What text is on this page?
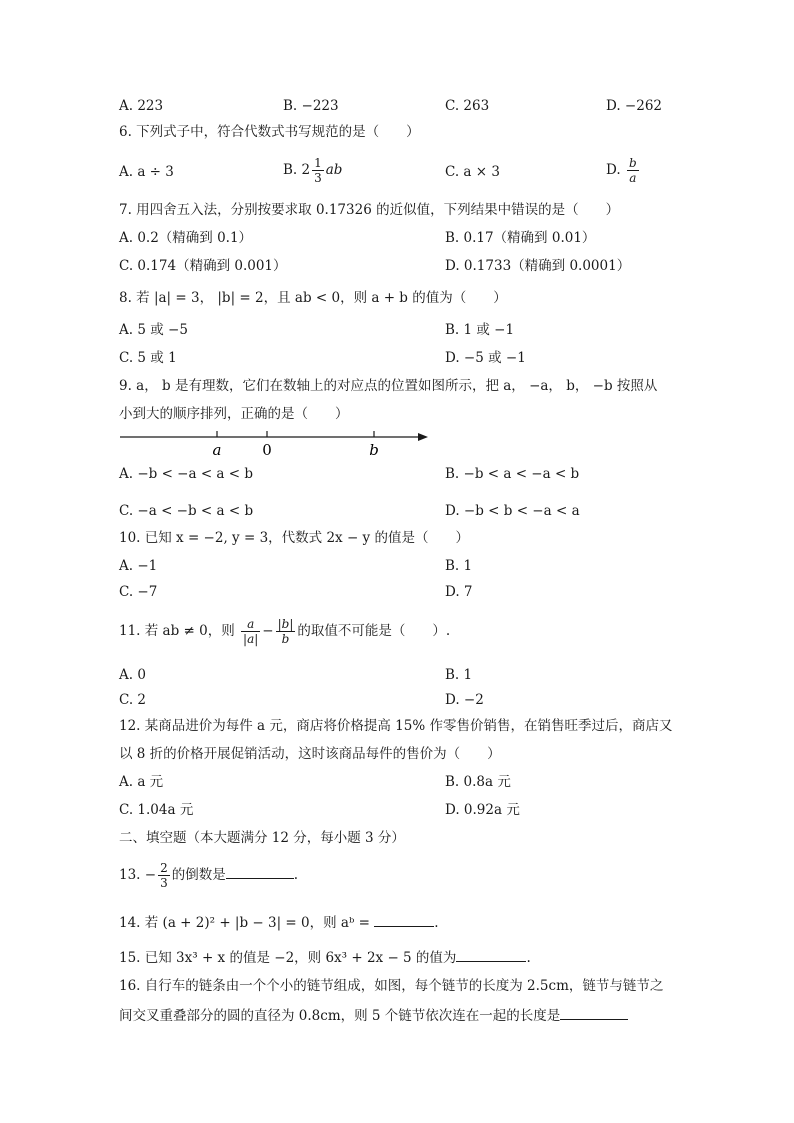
A. 223	B. −223	C. 263	D. −262
6. 下列式子中，符合代数式书写规范的是（　　）
A. a ÷ 3	B. $2 \frac{1}{3}$ ab	C. a × 3	D. $\frac{b}{a}$
7. 用四舍五入法，分别按要求取 0.17326 的近似值，下列结果中错误的是（　　）
A. 0.2（精确到 0.1）	B. 0.17（精确到 0.01）
C. 0.174（精确到 0.001）	D. 0.1733（精确到 0.0001）
8. 若 |a| = 3， |b| = 2，且 ab < 0，则 a + b 的值为（　　）
A. 5 或 −5	B. 1 或 −1
C. 5 或 1	D. −5 或 −1
9. a， b 是有理数，它们在数轴上的对应点的位置如图所示，把 a， −a， b， −b 按照从
小到大的顺序排列，正确的是（　　）
a	0	b
A. −b < −a < a < b	B. −b < a < −a < b
C. −a < −b < a < b	D. −b < b < −a < a
10. 已知 x = −2, y = 3，代数式 2x − y 的值是（　　）
A. −1	B. 1
C. −7	D. 7
11. 若 ab ≠ 0，则 $\frac{a}{|a|} - \frac{|b|}{b}$ 的取值不可能是（　　）.
A. 0	B. 1
C. 2	D. −2
12. 某商品进价为每件 a 元，商店将价格提高 15% 作零售价销售，在销售旺季过后，商店又
以 8 折的价格开展促销活动，这时该商品每件的售价为（　　）
A. a 元	B. 0.8a 元
C. 1.04a 元	D. 0.92a 元
二、填空题（本大题满分 12 分，每小题 3 分）
13. − $\frac{2}{3}$ 的倒数是	.
14. 若 (a + 2)² + |b − 3| = 0，则 aᵇ =	.
15. 已知 3x³ + x 的值是 −2，则 6x³ + 2x − 5 的值为	.
16. 自行车的链条由一个个小的链节组成，如图，每个链节的长度为 2.5cm，链节与链节之
间交叉重叠部分的圆的直径为 0.8cm，则 5 个链节依次连在一起的长度是
